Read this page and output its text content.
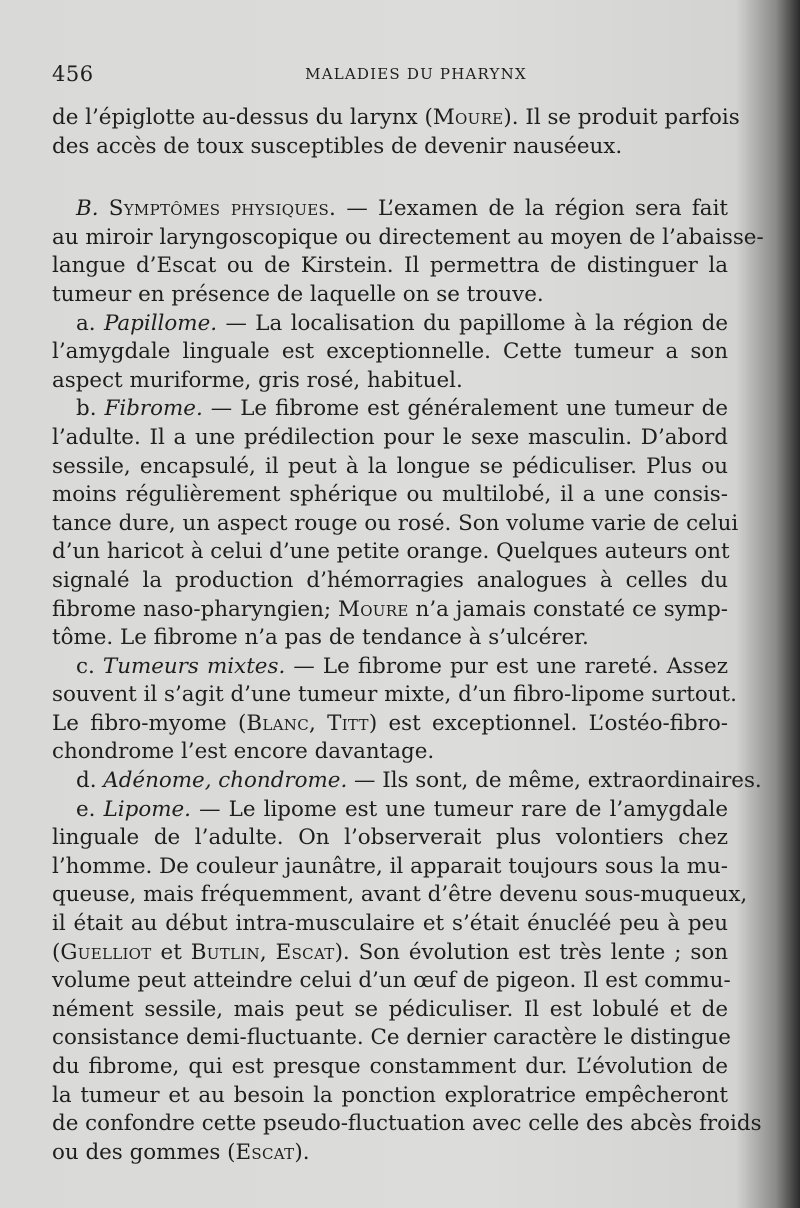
456	MALADIES DU PHARYNX
de l’épiglotte au-dessus du larynx (Moure). Il se produit parfois
des accès de toux susceptibles de devenir nauséeux.
B. Symptômes physiques. — L’examen de la région sera fait
au miroir laryngoscopique ou directement au moyen de l’abaisse-
langue d’Escat ou de Kirstein. Il permettra de distinguer la
tumeur en présence de laquelle on se trouve.
a. Papillome. — La localisation du papillome à la région de
l’amygdale linguale est exceptionnelle. Cette tumeur a son
aspect muriforme, gris rosé, habituel.
b. Fibrome. — Le fibrome est généralement une tumeur de
l’adulte. Il a une prédilection pour le sexe masculin. D’abord
sessile, encapsulé, il peut à la longue se pédiculiser. Plus ou
moins régulièrement sphérique ou multilobé, il a une consis-
tance dure, un aspect rouge ou rosé. Son volume varie de celui
d’un haricot à celui d’une petite orange. Quelques auteurs ont
signalé la production d’hémorragies analogues à celles du
fibrome naso-pharyngien; Moure n’a jamais constaté ce symp-
tôme. Le fibrome n’a pas de tendance à s’ulcérer.
c. Tumeurs mixtes. — Le fibrome pur est une rareté. Assez
souvent il s’agit d’une tumeur mixte, d’un fibro-lipome surtout.
Le fibro-myome (Blanc, Titt) est exceptionnel. L’ostéo-fibro-
chondrome l’est encore davantage.
d. Adénome, chondrome. — Ils sont, de même, extraordinaires.
e. Lipome. — Le lipome est une tumeur rare de l’amygdale
linguale de l’adulte. On l’observerait plus volontiers chez
l’homme. De couleur jaunâtre, il apparait toujours sous la mu-
queuse, mais fréquemment, avant d’être devenu sous-muqueux,
il était au début intra-musculaire et s’était énucléé peu à peu
(Guelliot et Butlin, Escat). Son évolution est très lente ; son
volume peut atteindre celui d’un œuf de pigeon. Il est commu-
nément sessile, mais peut se pédiculiser. Il est lobulé et de
consistance demi-fluctuante. Ce dernier caractère le distingue
du fibrome, qui est presque constamment dur. L’évolution de
la tumeur et au besoin la ponction exploratrice empêcheront
de confondre cette pseudo-fluctuation avec celle des abcès froids
ou des gommes (Escat).
